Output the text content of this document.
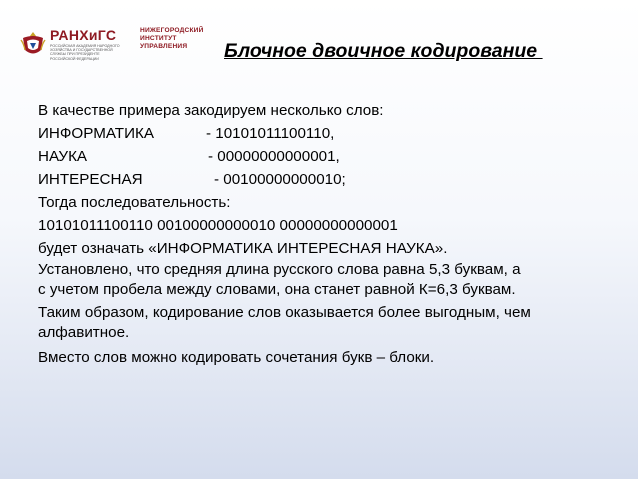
РАНХиГС
РОССИЙСКАЯ АКАДЕМИЯ НАРОДНОГО ХОЗЯЙСТВА И ГОСУДАРСТВЕННОЙ СЛУЖБЫ ПРИ ПРЕЗИДЕНТЕ РОССИЙСКОЙ ФЕДЕРАЦИИ
НИЖЕГОРОДСКИЙ
ИНСТИТУТ
УПРАВЛЕНИЯ	Блочное двоичное кодирование
В качестве примера закодируем несколько слов:
ИНФОРМАТИКА	- 10101011100110,
НАУКА	- 00000000000001,
ИНТЕРЕСНАЯ	- 00100000000010;
Тогда последовательность:
10101011100110 00100000000010 00000000000001
будет означать «ИНФОРМАТИКА ИНТЕРЕСНАЯ НАУКА».
Установлено, что средняя длина русского слова равна 5,3 буквам, а
с учетом пробела между словами, она станет равной К=6,3 буквам.
Таким образом, кодирование слов оказывается более выгодным, чем
алфавитное.
Вместо слов можно кодировать сочетания букв – блоки.
